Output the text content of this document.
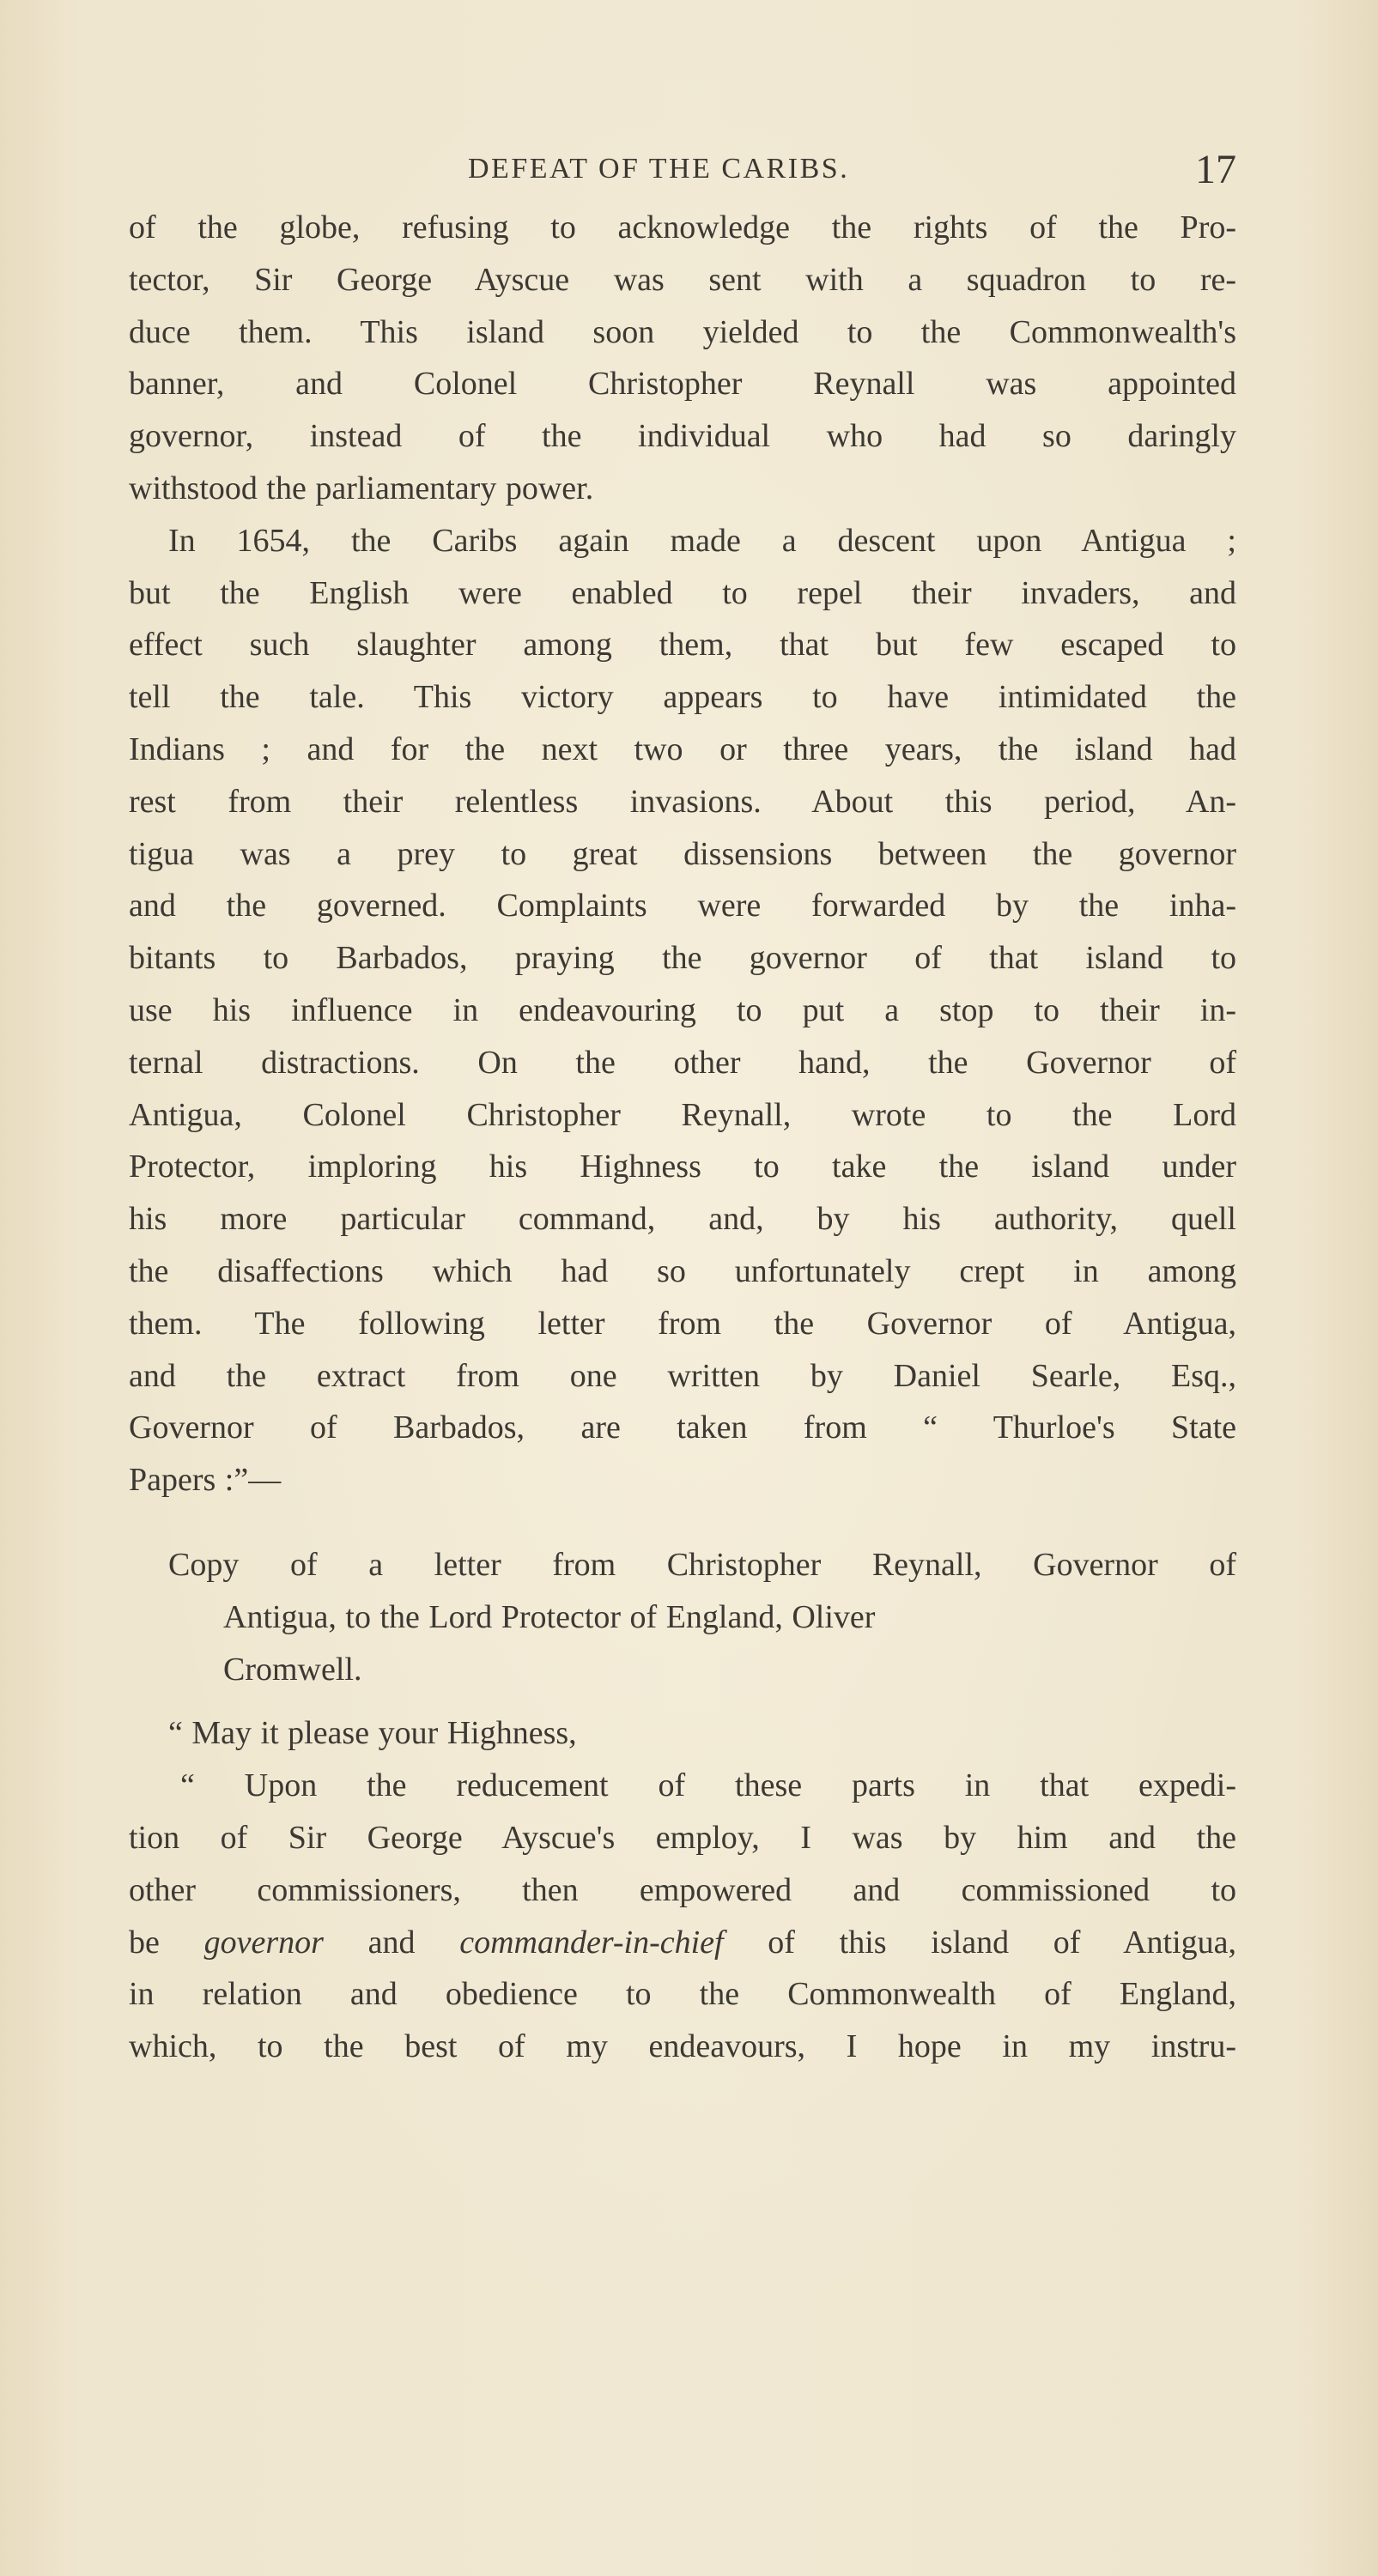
DEFEAT OF THE CARIBS.	17
of the globe, refusing to acknowledge the rights of the Pro-
tector, Sir George Ayscue was sent with a squadron to re-
duce them. This island soon yielded to the Commonwealth's
banner, and Colonel Christopher Reynall was appointed
governor, instead of the individual who had so daringly
withstood the parliamentary power.
In 1654, the Caribs again made a descent upon Antigua ;
but the English were enabled to repel their invaders, and
effect such slaughter among them, that but few escaped to
tell the tale. This victory appears to have intimidated the
Indians ; and for the next two or three years, the island had
rest from their relentless invasions. About this period, An-
tigua was a prey to great dissensions between the governor
and the governed. Complaints were forwarded by the inha-
bitants to Barbados, praying the governor of that island to
use his influence in endeavouring to put a stop to their in-
ternal distractions. On the other hand, the Governor of
Antigua, Colonel Christopher Reynall, wrote to the Lord
Protector, imploring his Highness to take the island under
his more particular command, and, by his authority, quell
the disaffections which had so unfortunately crept in among
them. The following letter from the Governor of Antigua,
and the extract from one written by Daniel Searle, Esq.,
Governor of Barbados, are taken from “ Thurloe's State
Papers :”—
Copy of a letter from Christopher Reynall, Governor of
Antigua, to the Lord Protector of England, Oliver
Cromwell.
“ May it please your Highness,
“ Upon the reducement of these parts in that expedi-
tion of Sir George Ayscue's employ, I was by him and the
other commissioners, then empowered and commissioned to
be governor and commander-in-chief of this island of Antigua,
in relation and obedience to the Commonwealth of England,
which, to the best of my endeavours, I hope in my instru-
